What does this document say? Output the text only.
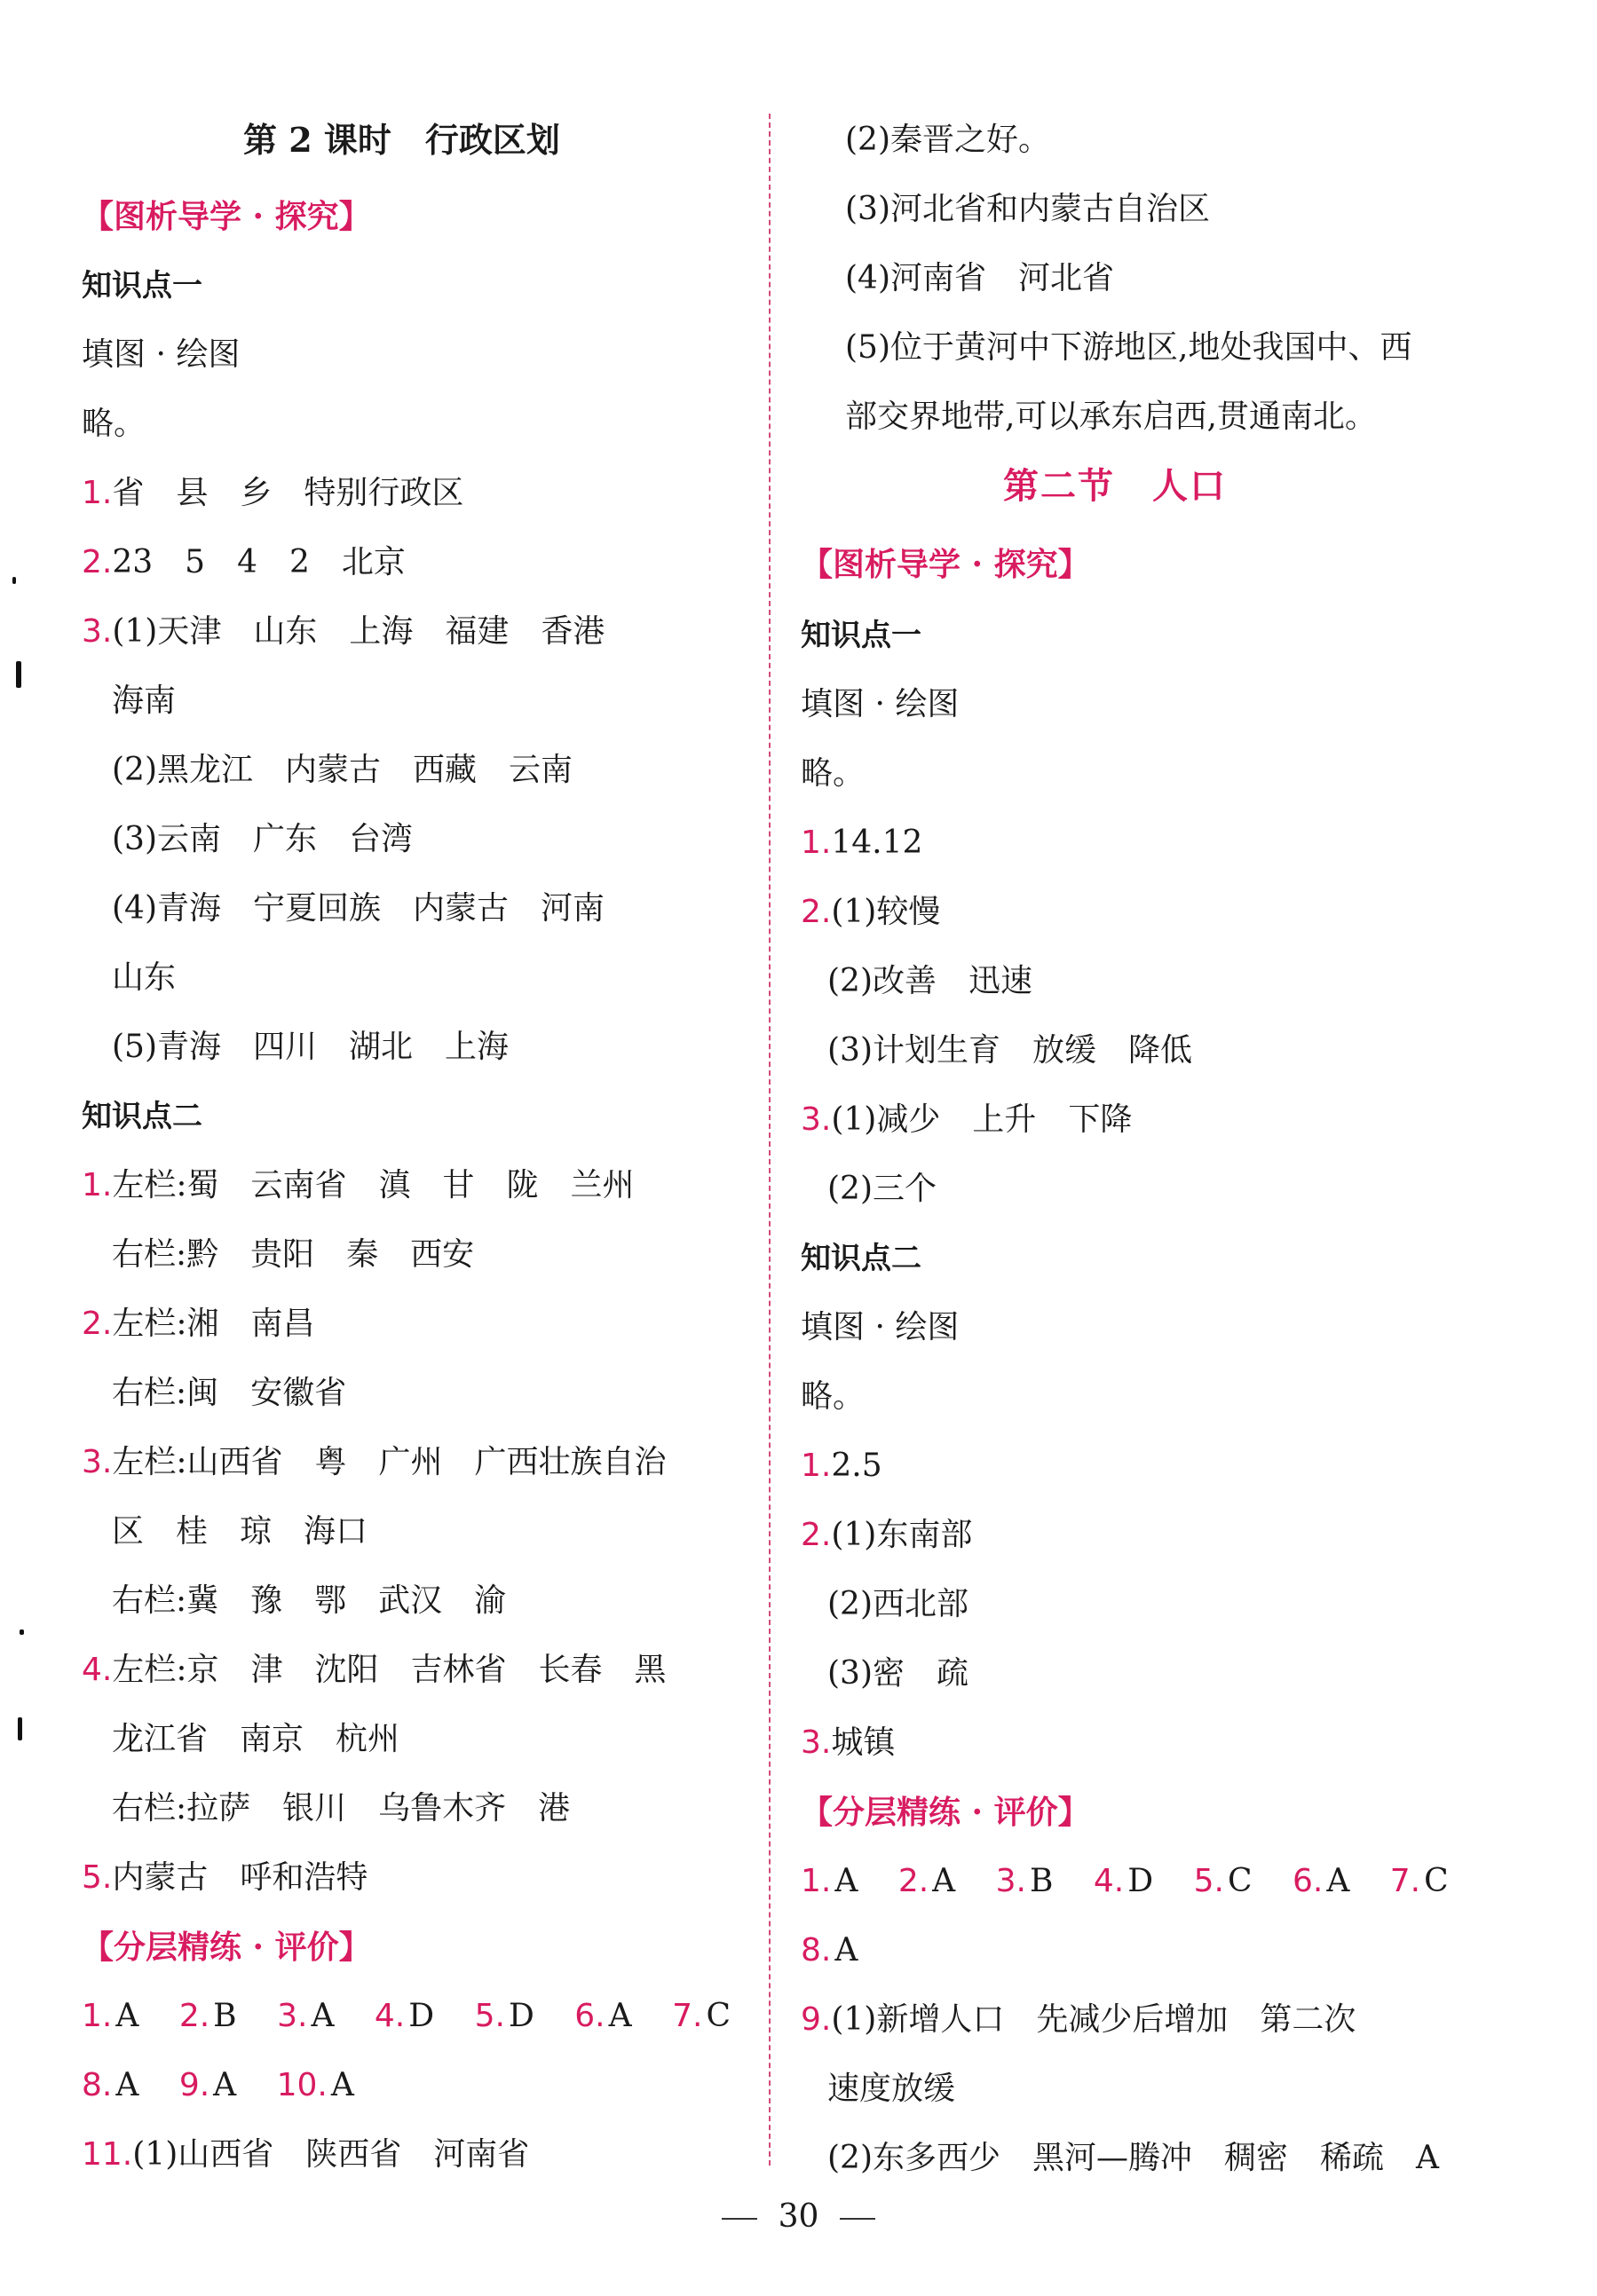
第 2 课时　行政区划
【图析导学 · 探究】
知识点一
填图 · 绘图
略。
1.省　县　乡　特别行政区
2.23　5　4　2　北京
3.(1)天津　山东　上海　福建　香港
海南
(2)黑龙江　内蒙古　西藏　云南
(3)云南　广东　台湾
(4)青海　宁夏回族　内蒙古　河南
山东
(5)青海　四川　湖北　上海
知识点二
1.左栏:蜀　云南省　滇　甘　陇　兰州
右栏:黔　贵阳　秦　西安
2.左栏:湘　南昌
右栏:闽　安徽省
3.左栏:山西省　粤　广州　广西壮族自治
区　桂　琼　海口
右栏:冀　豫　鄂　武汉　渝
4.左栏:京　津　沈阳　吉林省　长春　黑
龙江省　南京　杭州
右栏:拉萨　银川　乌鲁木齐　港
5.内蒙古　呼和浩特
【分层精练 · 评价】
1. A 2. B 3. A 4. D 5. D 6. A 7. C
8. A 9. A 10. A
11.(1)山西省　陕西省　河南省
(2)秦晋之好。
(3)河北省和内蒙古自治区
(4)河南省　河北省
(5)位于黄河中下游地区,地处我国中、西
部交界地带,可以承东启西,贯通南北。
第二节　人口
【图析导学 · 探究】
知识点一
填图 · 绘图
略。
1.14.12
2.(1)较慢
(2)改善　迅速
(3)计划生育　放缓　降低
3.(1)减少　上升　下降
(2)三个
知识点二
填图 · 绘图
略。
1.2.5
2.(1)东南部
(2)西北部
(3)密　疏
3.城镇
【分层精练 · 评价】
1. A 2. A 3. B 4. D 5. C 6. A 7. C
8. A
9.(1)新增人口　先减少后增加　第二次
速度放缓
(2)东多西少　黑河—腾冲　稠密　稀疏　A
30
